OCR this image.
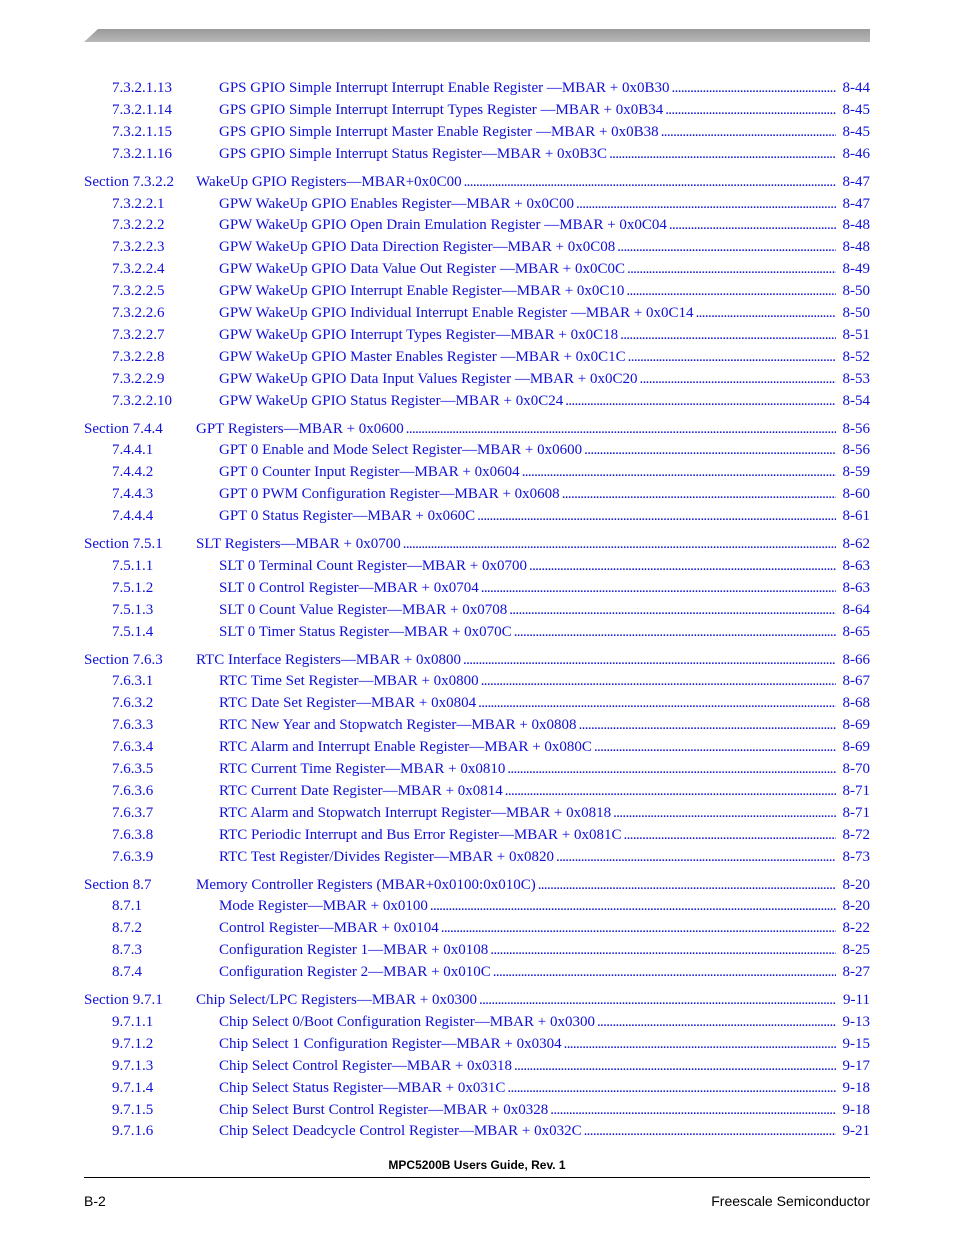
7.3.2.1.13	GPS GPIO Simple Interrupt Interrupt Enable Register —MBAR + 0x0B30 . . .	8-44
7.3.2.1.14	GPS GPIO Simple Interrupt Interrupt Types Register —MBAR + 0x0B34 . . .	8-45
7.3.2.1.15	GPS GPIO Simple Interrupt Master Enable Register —MBAR + 0x0B38 . . .	8-45
7.3.2.1.16	GPS GPIO Simple Interrupt Status Register—MBAR + 0x0B3C . . .	8-46
Section 7.3.2.2 WakeUp GPIO Registers—MBAR+0x0C00 . . .	8-47
7.3.2.2.1	GPW WakeUp GPIO Enables Register—MBAR + 0x0C00 . . .	8-47
7.3.2.2.2	GPW WakeUp GPIO Open Drain Emulation Register —MBAR + 0x0C04 . . .	8-48
7.3.2.2.3	GPW WakeUp GPIO Data Direction Register—MBAR + 0x0C08 . . .	8-48
7.3.2.2.4	GPW WakeUp GPIO Data Value Out Register —MBAR + 0x0C0C . . .	8-49
7.3.2.2.5	GPW WakeUp GPIO Interrupt Enable Register—MBAR + 0x0C10 . . .	8-50
7.3.2.2.6	GPW WakeUp GPIO Individual Interrupt Enable Register —MBAR + 0x0C14 . . .	8-50
7.3.2.2.7	GPW WakeUp GPIO Interrupt Types Register—MBAR + 0x0C18 . . .	8-51
7.3.2.2.8	GPW WakeUp GPIO Master Enables Register —MBAR + 0x0C1C . . .	8-52
7.3.2.2.9	GPW WakeUp GPIO Data Input Values Register —MBAR + 0x0C20 . . .	8-53
7.3.2.2.10	GPW WakeUp GPIO Status Register—MBAR + 0x0C24 . . .	8-54
Section 7.4.4 GPT Registers—MBAR + 0x0600 . . .	8-56
7.4.4.1	GPT 0 Enable and Mode Select Register—MBAR + 0x0600 . . .	8-56
7.4.4.2	GPT 0 Counter Input Register—MBAR + 0x0604 . . .	8-59
7.4.4.3	GPT 0 PWM Configuration Register—MBAR + 0x0608 . . .	8-60
7.4.4.4	GPT 0 Status Register—MBAR + 0x060C . . .	8-61
Section 7.5.1 SLT Registers—MBAR + 0x0700 . . .	8-62
7.5.1.1	SLT 0 Terminal Count Register—MBAR + 0x0700 . . .	8-63
7.5.1.2	SLT 0 Control Register—MBAR + 0x0704 . . .	8-63
7.5.1.3	SLT 0 Count Value Register—MBAR + 0x0708 . . .	8-64
7.5.1.4	SLT 0 Timer Status Register—MBAR + 0x070C . . .	8-65
Section 7.6.3 RTC Interface Registers—MBAR + 0x0800 . . .	8-66
7.6.3.1	RTC Time Set Register—MBAR + 0x0800 . . .	8-67
7.6.3.2	RTC Date Set Register—MBAR + 0x0804 . . .	8-68
7.6.3.3	RTC New Year and Stopwatch Register—MBAR + 0x0808 . . .	8-69
7.6.3.4	RTC Alarm and Interrupt Enable Register—MBAR + 0x080C . . .	8-69
7.6.3.5	RTC Current Time Register—MBAR + 0x0810 . . .	8-70
7.6.3.6	RTC Current Date Register—MBAR + 0x0814 . . .	8-71
7.6.3.7	RTC Alarm and Stopwatch Interrupt Register—MBAR + 0x0818 . . .	8-71
7.6.3.8	RTC Periodic Interrupt and Bus Error Register—MBAR + 0x081C . . .	8-72
7.6.3.9	RTC Test Register/Divides Register—MBAR + 0x0820 . . .	8-73
Section 8.7	Memory Controller Registers (MBAR+0x0100:0x010C) . . .	8-20
8.7.1	Mode Register—MBAR + 0x0100 . . .	8-20
8.7.2	Control Register—MBAR + 0x0104 . . .	8-22
8.7.3	Configuration Register 1—MBAR + 0x0108 . . .	8-25
8.7.4	Configuration Register 2—MBAR + 0x010C . . .	8-27
Section 9.7.1 Chip Select/LPC Registers—MBAR + 0x0300 . . .	9-11
9.7.1.1	Chip Select 0/Boot Configuration Register—MBAR + 0x0300 . . .	9-13
9.7.1.2	Chip Select 1 Configuration Register—MBAR + 0x0304 . . .	9-15
9.7.1.3	Chip Select Control Register—MBAR + 0x0318 . . .	9-17
9.7.1.4	Chip Select Status Register—MBAR + 0x031C . . .	9-18
9.7.1.5	Chip Select Burst Control Register—MBAR + 0x0328 . . .	9-18
9.7.1.6	Chip Select Deadcycle Control Register—MBAR + 0x032C . . .	9-21
MPC5200B Users Guide, Rev. 1
B-2	Freescale Semiconductor
